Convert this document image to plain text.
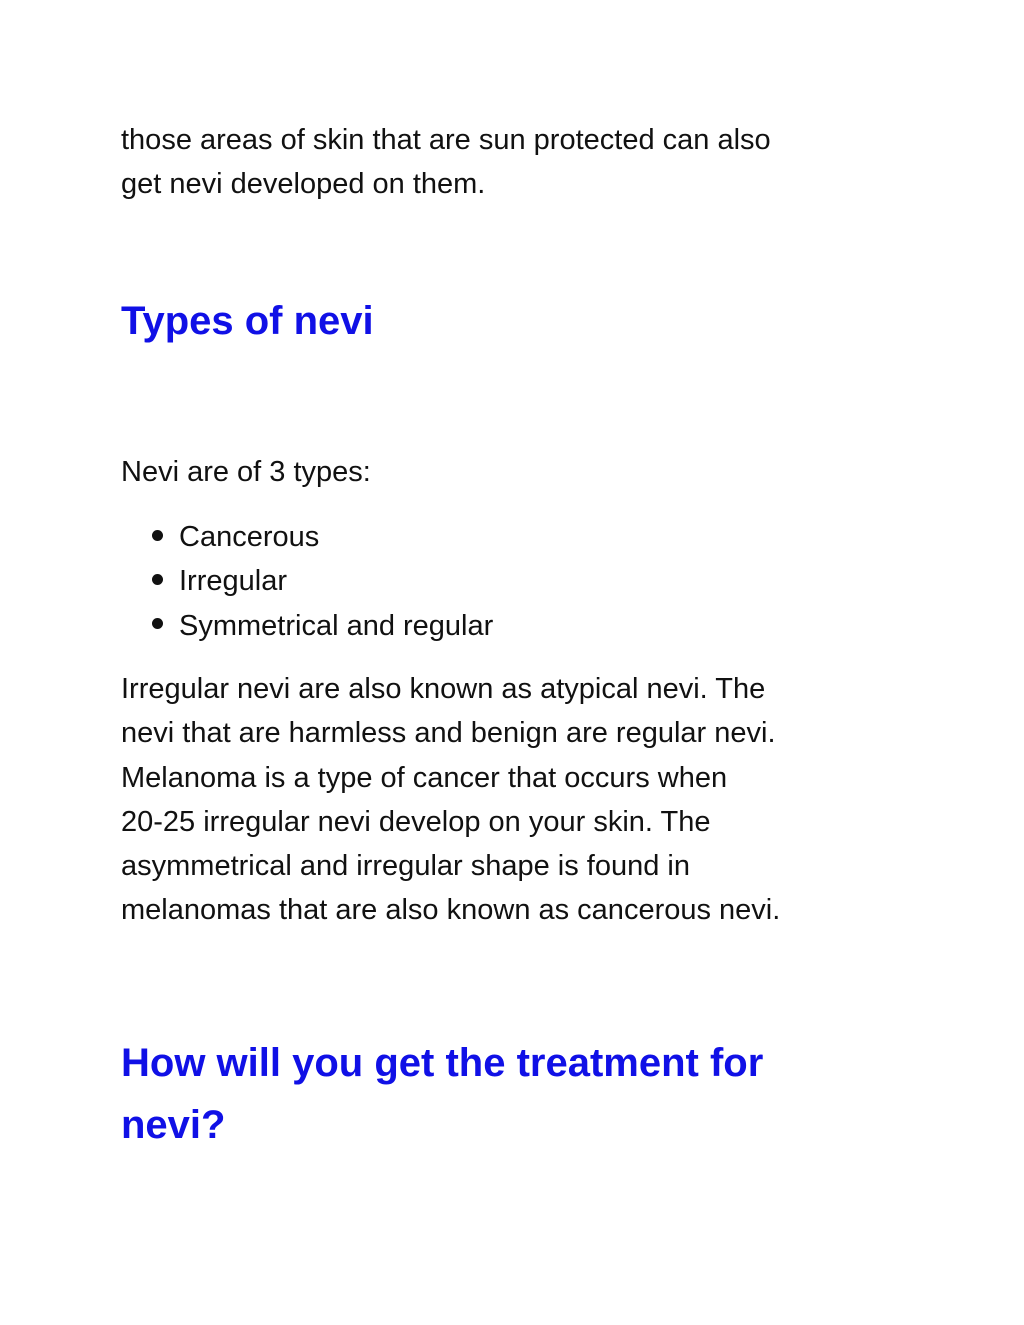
those areas of skin that are sun protected can also
get nevi developed on them.

Types of nevi

Nevi are of 3 types:

Cancerous
Irregular
Symmetrical and regular

Irregular nevi are also known as atypical nevi. The
nevi that are harmless and benign are regular nevi.
Melanoma is a type of cancer that occurs when
20-25 irregular nevi develop on your skin. The
asymmetrical and irregular shape is found in
melanomas that are also known as cancerous nevi.

How will you get the treatment for
nevi?
